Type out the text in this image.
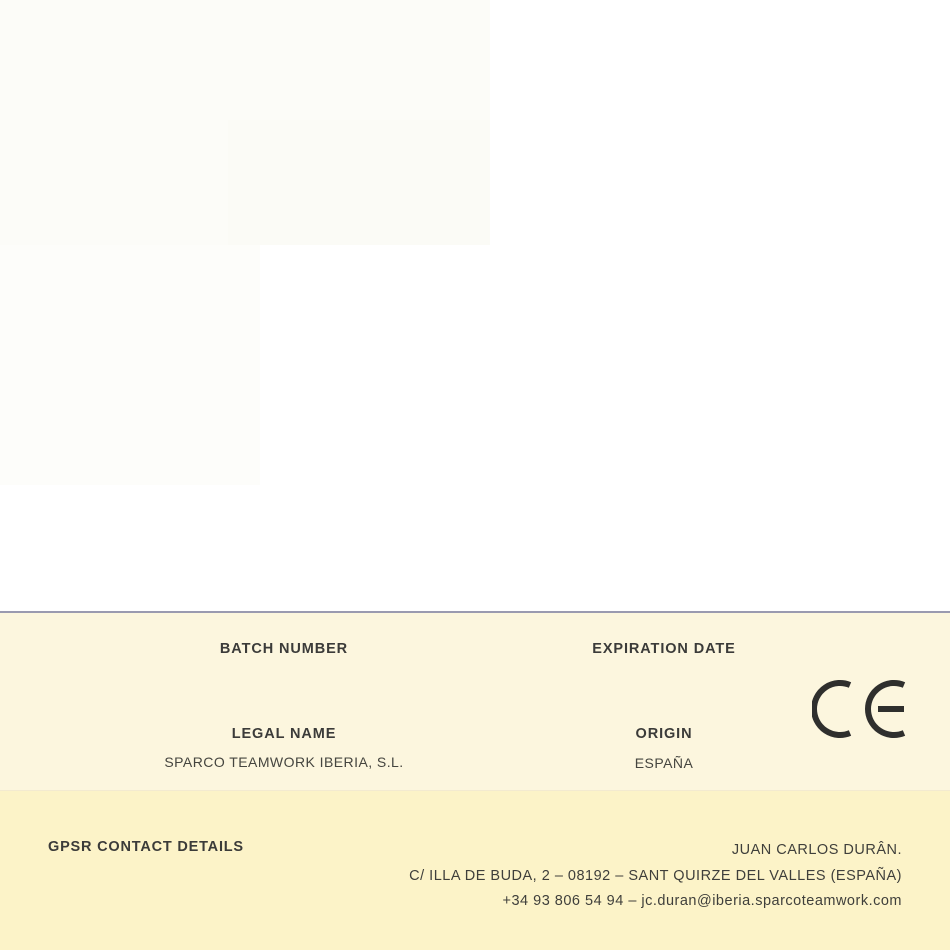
BATCH NUMBER	EXPIRATION DATE
LEGAL NAME
SPARCO TEAMWORK IBERIA, S.L.
ORIGIN
ESPAÑA
GPSR CONTACT DETAILS	JUAN CARLOS DURÂN.
C/ ILLA DE BUDA, 2 – 08192 – SANT QUIRZE DEL VALLES (ESPAÑA)
+34 93 806 54 94 – jc.duran@iberia.sparcoteamwork.com
